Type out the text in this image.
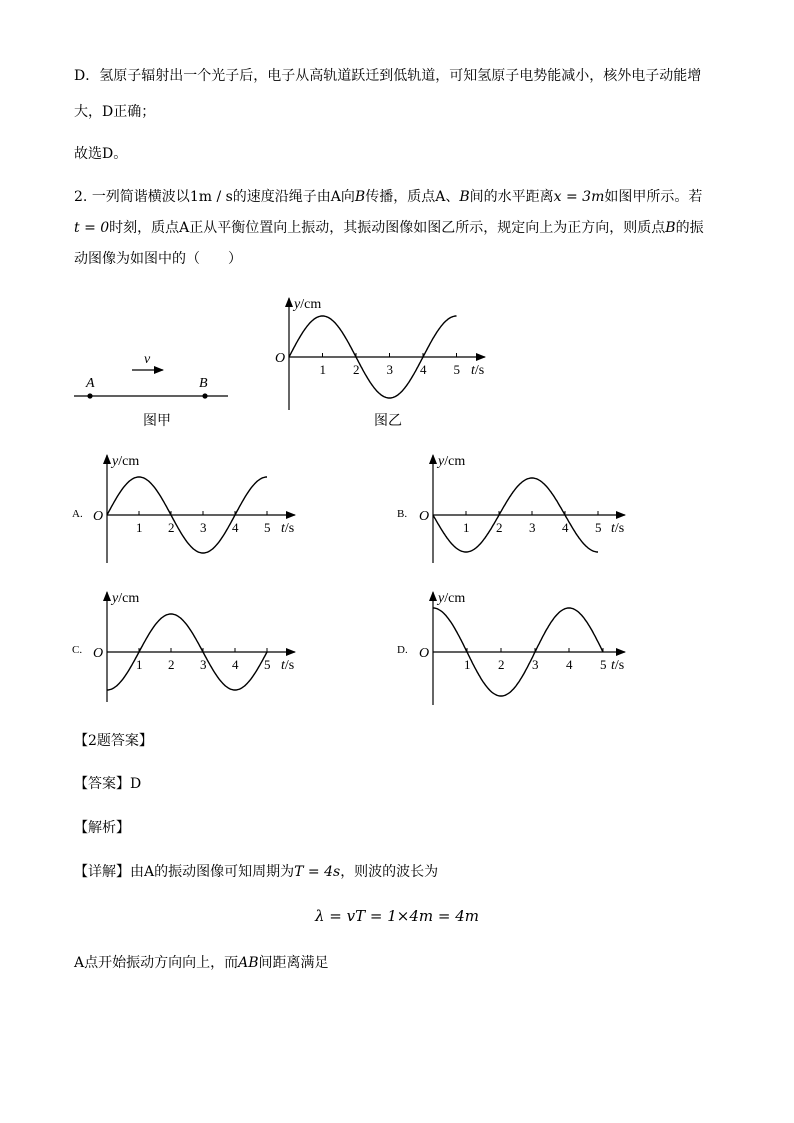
D．氢原子辐射出一个光子后，电子从高轨道跃迁到低轨道，可知氢原子电势能减小，核外电子动能增
大，D正确；
故选D。
2. 一列简谐横波以1m / s的速度沿绳子由A向B传播，质点A、B间的水平距离x = 3m如图甲所示。若
t = 0时刻，质点A正从平衡位置向上振动，其振动图像如图乙所示，规定向上为正方向，则质点B的振
动图像为如图中的（　　）
A	B
v
图甲
y/cm
t/s
O
1 2 3 4 5
图乙
y/cm
t/s
O
1 2 3 4 5
y/cm
t/s
O
1 2 3 4 5
y/cm
t/s
O
1 2 3 4 5
y/cm
t/s
O
1 2 3 4 5
A.	B.
C.	D.
【2题答案】
【答案】D
【解析】
【详解】由A的振动图像可知周期为T = 4s，则波的波长为
λ = vT = 1×4m = 4m
A点开始振动方向向上，而AB间距离满足
